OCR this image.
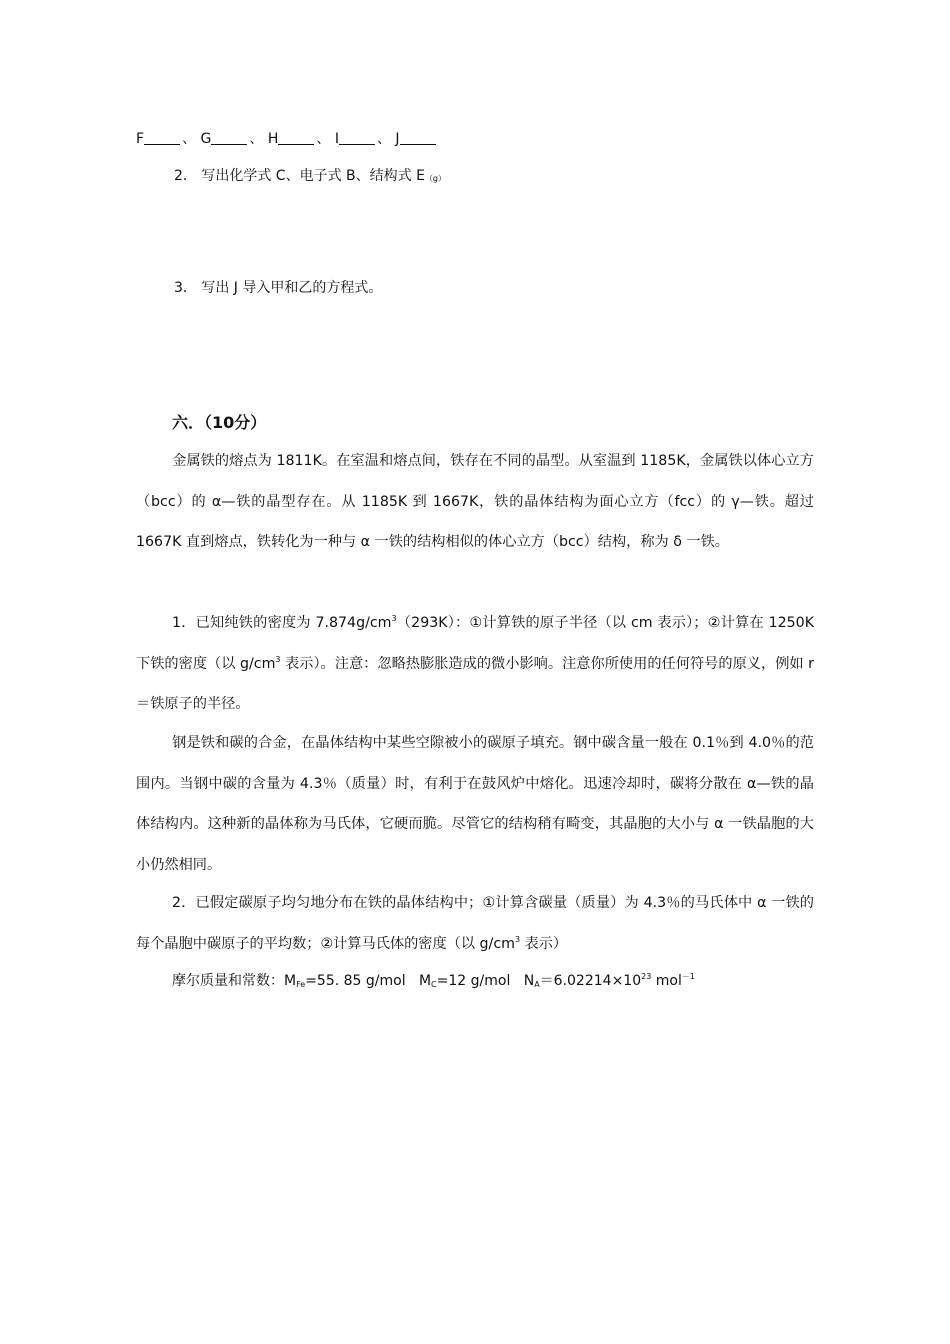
F	、 G	、 H	、 I	、 J
2． 写出化学式 C、电子式 B、结构式 E（g）
3． 写出 J 导入甲和乙的方程式。
六．（10分）
金属铁的熔点为 1811K。在室温和熔点间，铁存在不同的晶型。从室温到 1185K，金属铁以体心立方（bcc）的 α—铁的晶型存在。从 1185K 到 1667K，铁的晶体结构为面心立方（fcc）的 γ—铁。超过 1667K 直到熔点，铁转化为一种与 α 一铁的结构相似的体心立方（bcc）结构，称为 δ 一铁。
1．已知纯铁的密度为 $7.874g/cm^3(293K)$：①计算铁的原子半径（以 cm 表示）；②计算在 1250K 下铁的密度（以 $g/cm^3$ 表示）。注意：忽略热膨胀造成的微小影响。注意你所使用的任何符号的原义，例如 r＝铁原子的半径。
钢是铁和碳的合金，在晶体结构中某些空隙被小的碳原子填充。钢中碳含量一般在 0.1％到 4.0％的范围内。当钢中碳的含量为 4.3％（质量）时，有利于在鼓风炉中熔化。迅速冷却时，碳将分散在 α—铁的晶体结构内。这种新的晶体称为马氏体，它硬而脆。尽管它的结构稍有畸变，其晶胞的大小与 α 一铁晶胞的大小仍然相同。
2．已假定碳原子均匀地分布在铁的晶体结构中；①计算含碳量（质量）为 4.3％的马氏体中 α 一铁的每个晶胞中碳原子的平均数；②计算马氏体的密度（以 $g/cm^3$ 表示）
摩尔质量和常数：$M_{Fe}=55$. 85 g/mol $M_C=12$ g/mol $N_A=6.02214\times 10^{23}$ mol$^{-1}$
